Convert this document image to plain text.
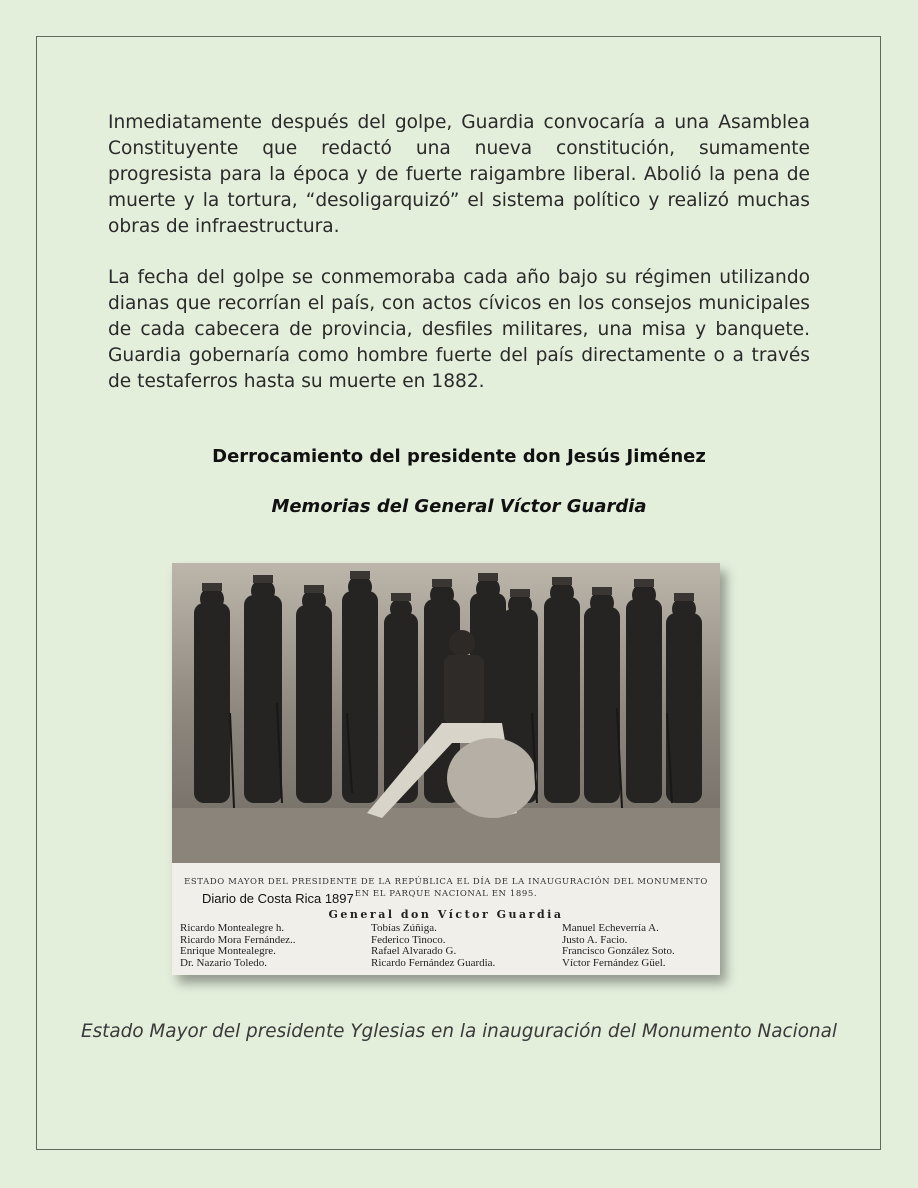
Inmediatamente después del golpe, Guardia convocaría a una Asamblea Constituyente que redactó una nueva constitución, sumamente progresista para la época y de fuerte raigambre liberal. Abolió la pena de muerte y la tortura, “desoligarquizó” el sistema político y realizó muchas obras de infraestructura.

La fecha del golpe se conmemoraba cada año bajo su régimen utilizando dianas que recorrían el país, con actos cívicos en los consejos municipales de cada cabecera de provincia, desfiles militares, una misa y banquete. Guardia gobernaría como hombre fuerte del país directamente o a través de testaferros hasta su muerte en 1882.

Derrocamiento del presidente don Jesús Jiménez

Memorias del General Víctor Guardia

ESTADO MAYOR DEL PRESIDENTE DE LA REPÚBLICA EL DÍA DE LA INAUGURACIÓN DEL MONUMENTO EN EL PARQUE NACIONAL EN 1895.
Diario de Costa Rica 1897
General don Víctor Guardia
Ricardo Montealegre h.
Ricardo Mora Fernández..
Enrique Montealegre.
Dr. Nazario Toledo.
Tobías Zúñiga.
Federico Tinoco.
Rafael Alvarado G.
Ricardo Fernández Guardia.
Manuel Echeverría A.
Justo A. Facio.
Francisco González Soto.
Víctor Fernández Güel.

Estado Mayor del presidente Yglesias en la inauguración del Monumento Nacional
